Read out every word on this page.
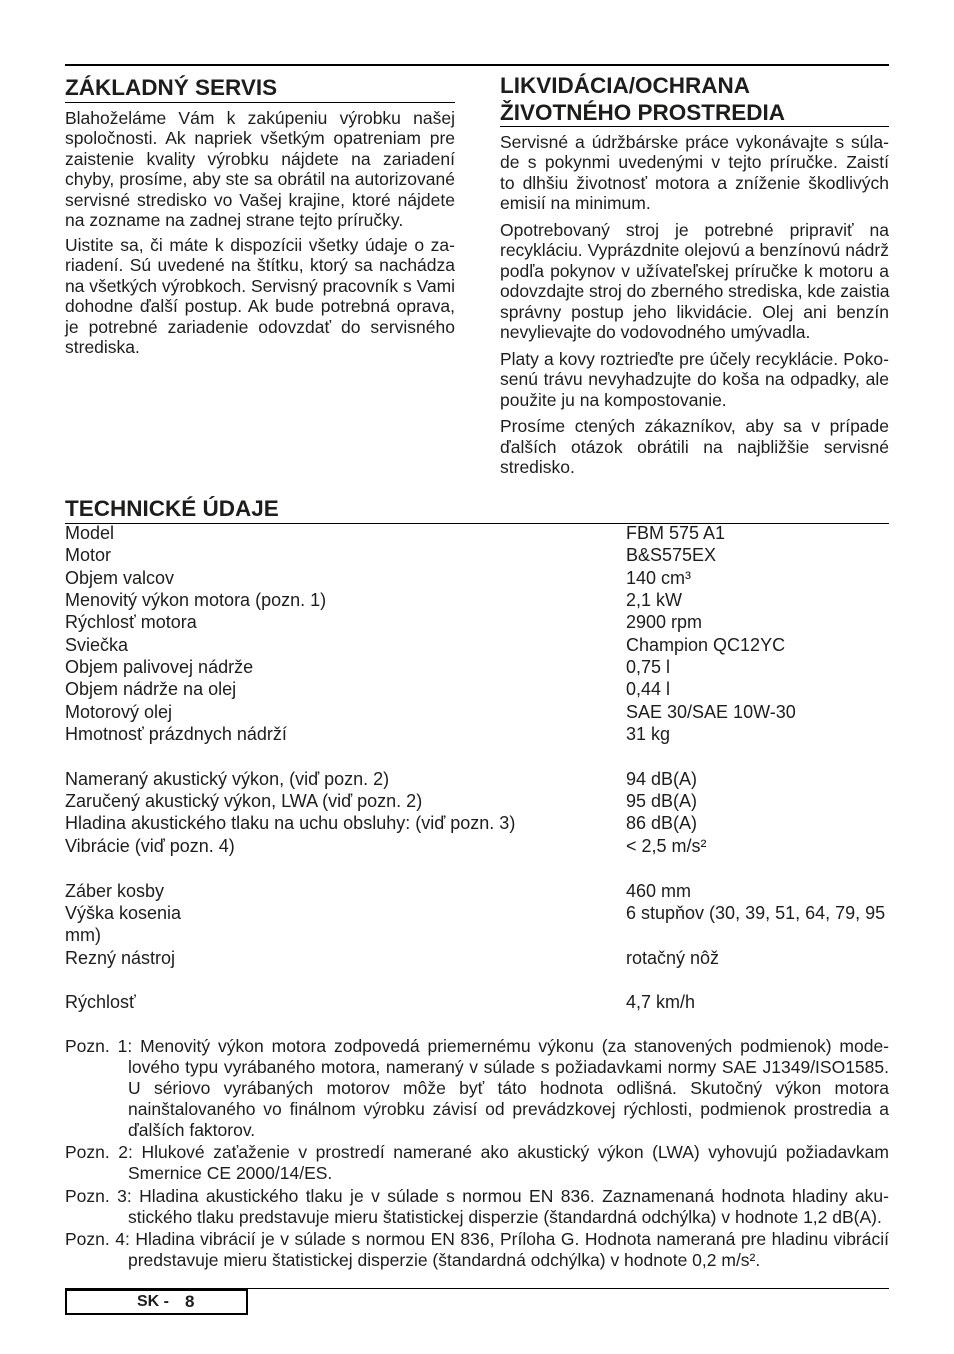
ZÁKLADNÝ SERVIS
Blahoželáme Vám k zakúpeniu výrobku našej
spoločnosti. Ak napriek všetkým opatreniam pre
zaistenie kvality výrobku nájdete na zariadení
chyby, prosíme, aby ste sa obrátil na autorizované
servisné stredisko vo Vašej krajine, ktoré nájdete
na zozname na zadnej strane tejto príručky.
Uistite sa, či máte k dispozícii všetky údaje o za-
riadení. Sú uvedené na štítku, ktorý sa nachádza
na všetkých výrobkoch. Servisný pracovník s Vami
dohodne ďalší postup. Ak bude potrebná oprava,
je potrebné zariadenie odovzdať do servisného
strediska.
LIKVIDÁCIA/OCHRANA
ŽIVOTNÉHO PROSTREDIA
Servisné a údržbárske práce vykonávajte s súla-
de s pokynmi uvedenými v tejto príručke. Zaistí
to dlhšiu životnosť motora a zníženie škodlivých
emisií na minimum.
Opotrebovaný stroj je potrebné pripraviť na
recykláciu. Vyprázdnite olejovú a benzínovú nádrž
podľa pokynov v užívateľskej príručke k motoru a
odovzdajte stroj do zberného strediska, kde zaistia
správny postup jeho likvidácie. Olej ani benzín
nevylievajte do vodovodného umývadla.
Platy a kovy roztrieďte pre účely recyklácie. Poko-
senú trávu nevyhadzujte do koša na odpadky, ale
použite ju na kompostovanie.
Prosíme ctených zákazníkov, aby sa v prípade
ďalších otázok obrátili na najbližšie servisné
stredisko.
TECHNICKÉ ÚDAJE
Model	FBM 575 A1
Motor	B&S575EX
Objem valcov	140 cm³
Menovitý výkon motora (pozn. 1)	2,1 kW
Rýchlosť motora	2900 rpm
Sviečka	Champion QC12YC
Objem palivovej nádrže	0,75 l
Objem nádrže na olej	0,44 l
Motorový olej	SAE 30/SAE 10W-30
Hmotnosť prázdnych nádrží	31 kg
Nameraný akustický výkon, (viď pozn. 2)	94 dB(A)
Zaručený akustický výkon, LWA (viď pozn. 2)	95 dB(A)
Hladina akustického tlaku na uchu obsluhy: (viď pozn. 3)	86 dB(A)
Vibrácie (viď pozn. 4)	< 2,5 m/s²
Záber kosby	460 mm
Výška kosenia	6 stupňov (30, 39, 51, 64, 79, 95
mm)
Rezný nástroj	rotačný nôž
Rýchlosť	4,7 km/h
Pozn. 1: Menovitý výkon motora zodpovedá priemernému výkonu (za stanovených podmienok) mode-
lového typu vyrábaného motora, nameraný v súlade s požiadavkami normy SAE J1349/ISO1585.
U sériovo vyrábaných motorov môže byť táto hodnota odlišná. Skutočný výkon motora
nainštalovaného vo finálnom výrobku závisí od prevádzkovej rýchlosti, podmienok prostredia a
ďalších faktorov.
Pozn. 2: Hlukové zaťaženie v prostredí namerané ako akustický výkon (LWA) vyhovujú požiadavkam
Smernice CE 2000/14/ES.
Pozn. 3: Hladina akustického tlaku je v súlade s normou EN 836. Zaznamenaná hodnota hladiny aku-
stického tlaku predstavuje mieru štatistickej disperzie (štandardná odchýlka) v hodnote 1,2 dB(A).
Pozn. 4: Hladina vibrácií je v súlade s normou EN 836, Príloha G. Hodnota nameraná pre hladinu vibrácií
predstavuje mieru štatistickej disperzie (štandardná odchýlka) v hodnote 0,2 m/s².
SK - 8
